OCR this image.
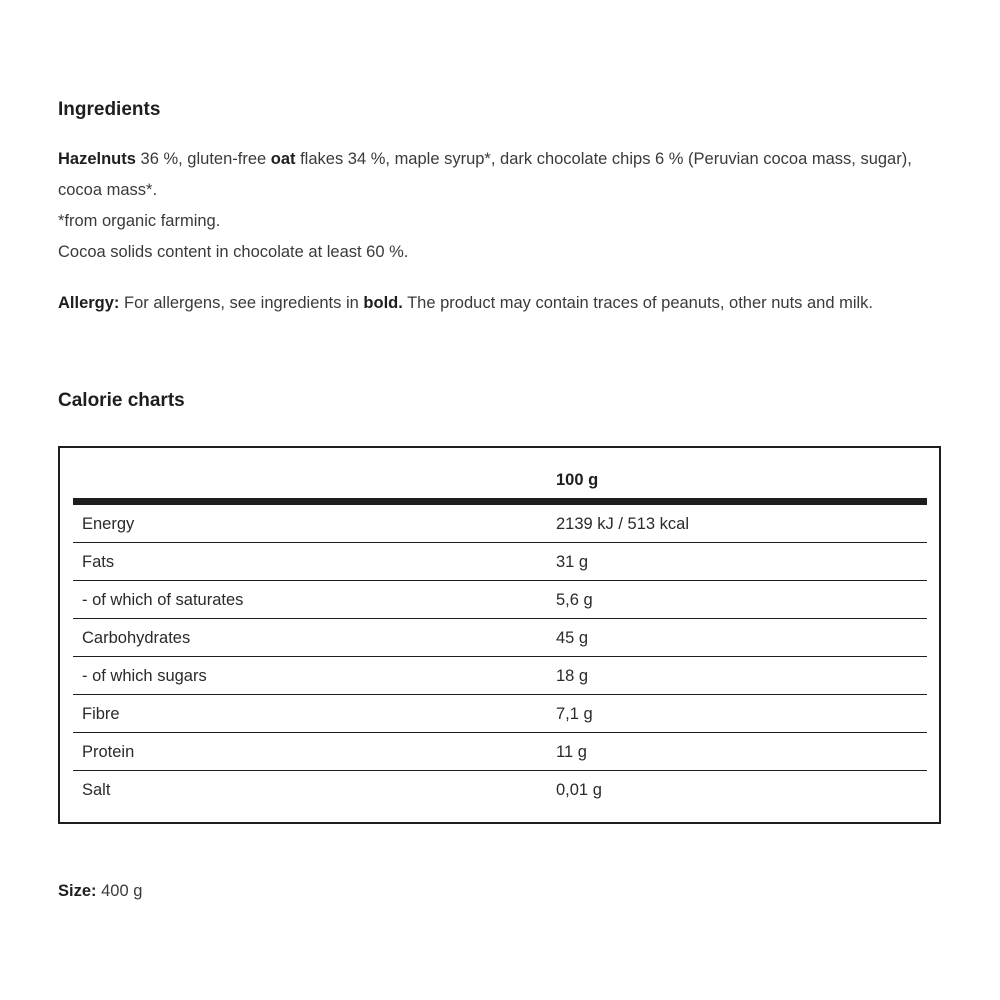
Ingredients

Hazelnuts 36 %, gluten-free oat flakes 34 %, maple syrup*, dark chocolate chips 6 % (Peruvian cocoa mass, sugar), cocoa mass*.
*from organic farming.
Cocoa solids content in chocolate at least 60 %.

Allergy: For allergens, see ingredients in bold. The product may contain traces of peanuts, other nuts and milk.

Calorie charts
100 g
Energy	2139 kJ / 513 kcal
Fats	31 g
- of which of saturates	5,6 g
Carbohydrates	45 g
- of which sugars	18 g
Fibre	7,1 g
Protein	11 g
Salt	0,01 g

Size: 400 g
